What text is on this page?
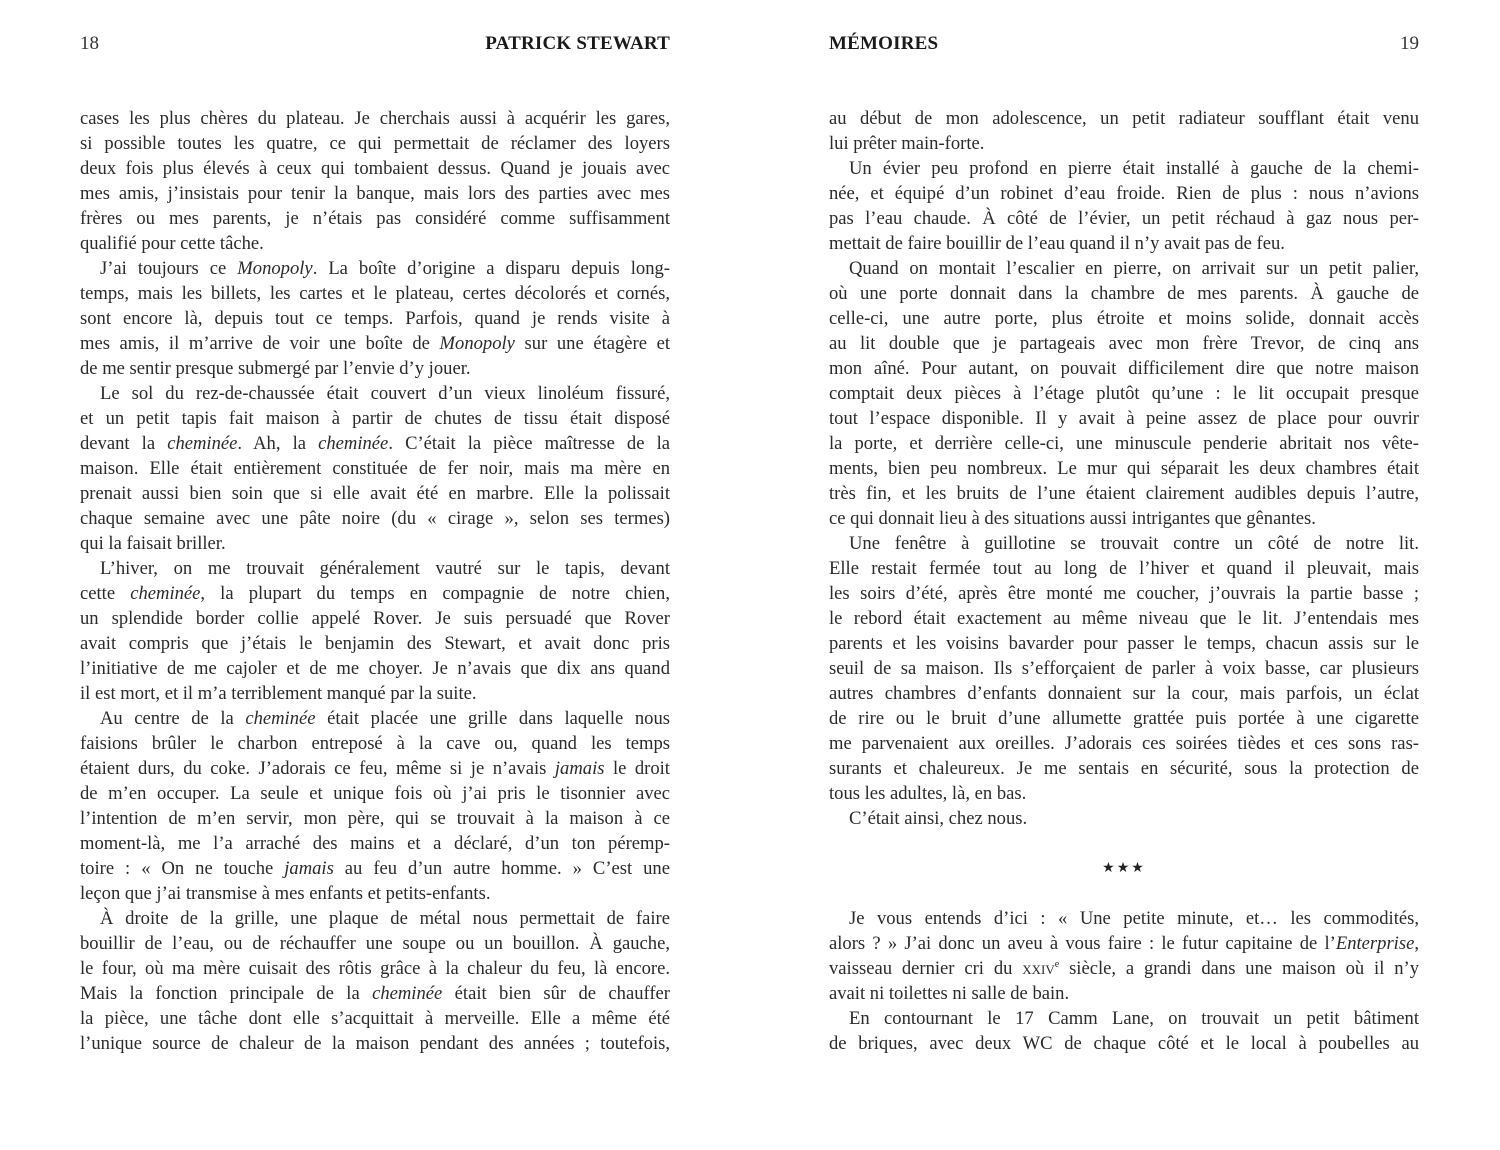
18	PATRICK STEWART
cases les plus chères du plateau. Je cherchais aussi à acquérir les gares,
si possible toutes les quatre, ce qui permettait de réclamer des loyers
deux fois plus élevés à ceux qui tombaient dessus. Quand je jouais avec
mes amis, j’insistais pour tenir la banque, mais lors des parties avec mes
frères ou mes parents, je n’étais pas considéré comme suffisamment
qualifié pour cette tâche.
J’ai toujours ce Monopoly. La boîte d’origine a disparu depuis long-
temps, mais les billets, les cartes et le plateau, certes décolorés et cornés,
sont encore là, depuis tout ce temps. Parfois, quand je rends visite à
mes amis, il m’arrive de voir une boîte de Monopoly sur une étagère et
de me sentir presque submergé par l’envie d’y jouer.
Le sol du rez-de-chaussée était couvert d’un vieux linoléum fissuré,
et un petit tapis fait maison à partir de chutes de tissu était disposé
devant la cheminée. Ah, la cheminée. C’était la pièce maîtresse de la
maison. Elle était entièrement constituée de fer noir, mais ma mère en
prenait aussi bien soin que si elle avait été en marbre. Elle la polissait
chaque semaine avec une pâte noire (du « cirage », selon ses termes)
qui la faisait briller.
L’hiver, on me trouvait généralement vautré sur le tapis, devant
cette cheminée, la plupart du temps en compagnie de notre chien,
un splendide border collie appelé Rover. Je suis persuadé que Rover
avait compris que j’étais le benjamin des Stewart, et avait donc pris
l’initiative de me cajoler et de me choyer. Je n’avais que dix ans quand
il est mort, et il m’a terriblement manqué par la suite.
Au centre de la cheminée était placée une grille dans laquelle nous
faisions brûler le charbon entreposé à la cave ou, quand les temps
étaient durs, du coke. J’adorais ce feu, même si je n’avais jamais le droit
de m’en occuper. La seule et unique fois où j’ai pris le tisonnier avec
l’intention de m’en servir, mon père, qui se trouvait à la maison à ce
moment-là, me l’a arraché des mains et a déclaré, d’un ton péremp-
toire : « On ne touche jamais au feu d’un autre homme. » C’est une
leçon que j’ai transmise à mes enfants et petits-enfants.
À droite de la grille, une plaque de métal nous permettait de faire
bouillir de l’eau, ou de réchauffer une soupe ou un bouillon. À gauche,
le four, où ma mère cuisait des rôtis grâce à la chaleur du feu, là encore.
Mais la fonction principale de la cheminée était bien sûr de chauffer
la pièce, une tâche dont elle s’acquittait à merveille. Elle a même été
l’unique source de chaleur de la maison pendant des années ; toutefois,
MÉMOIRES	19
au début de mon adolescence, un petit radiateur soufflant était venu
lui prêter main-forte.
Un évier peu profond en pierre était installé à gauche de la chemi-
née, et équipé d’un robinet d’eau froide. Rien de plus : nous n’avions
pas l’eau chaude. À côté de l’évier, un petit réchaud à gaz nous per-
mettait de faire bouillir de l’eau quand il n’y avait pas de feu.
Quand on montait l’escalier en pierre, on arrivait sur un petit palier,
où une porte donnait dans la chambre de mes parents. À gauche de
celle-ci, une autre porte, plus étroite et moins solide, donnait accès
au lit double que je partageais avec mon frère Trevor, de cinq ans
mon aîné. Pour autant, on pouvait difficilement dire que notre maison
comptait deux pièces à l’étage plutôt qu’une : le lit occupait presque
tout l’espace disponible. Il y avait à peine assez de place pour ouvrir
la porte, et derrière celle-ci, une minuscule penderie abritait nos vête-
ments, bien peu nombreux. Le mur qui séparait les deux chambres était
très fin, et les bruits de l’une étaient clairement audibles depuis l’autre,
ce qui donnait lieu à des situations aussi intrigantes que gênantes.
Une fenêtre à guillotine se trouvait contre un côté de notre lit.
Elle restait fermée tout au long de l’hiver et quand il pleuvait, mais
les soirs d’été, après être monté me coucher, j’ouvrais la partie basse ;
le rebord était exactement au même niveau que le lit. J’entendais mes
parents et les voisins bavarder pour passer le temps, chacun assis sur le
seuil de sa maison. Ils s’efforçaient de parler à voix basse, car plusieurs
autres chambres d’enfants donnaient sur la cour, mais parfois, un éclat
de rire ou le bruit d’une allumette grattée puis portée à une cigarette
me parvenaient aux oreilles. J’adorais ces soirées tièdes et ces sons ras-
surants et chaleureux. Je me sentais en sécurité, sous la protection de
tous les adultes, là, en bas.
C’était ainsi, chez nous.
★★★
Je vous entends d’ici : « Une petite minute, et… les commodités,
alors ? » J’ai donc un aveu à vous faire : le futur capitaine de l’Enterprise,
vaisseau dernier cri du xxiv$^e$ siècle, a grandi dans une maison où il n’y
avait ni toilettes ni salle de bain.
En contournant le 17 Camm Lane, on trouvait un petit bâtiment
de briques, avec deux WC de chaque côté et le local à poubelles au
